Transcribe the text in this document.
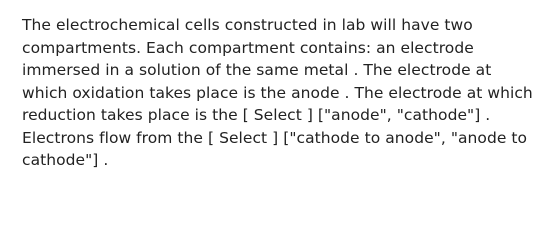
The electrochemical cells constructed in lab will have two
compartments. Each compartment contains: an electrode
immersed in a solution of the same metal . The electrode at
which oxidation takes place is the anode . The electrode at which
reduction takes place is the [ Select ] ["anode", "cathode"] .
Electrons flow from the [ Select ] ["cathode to anode", "anode to
cathode"] .
